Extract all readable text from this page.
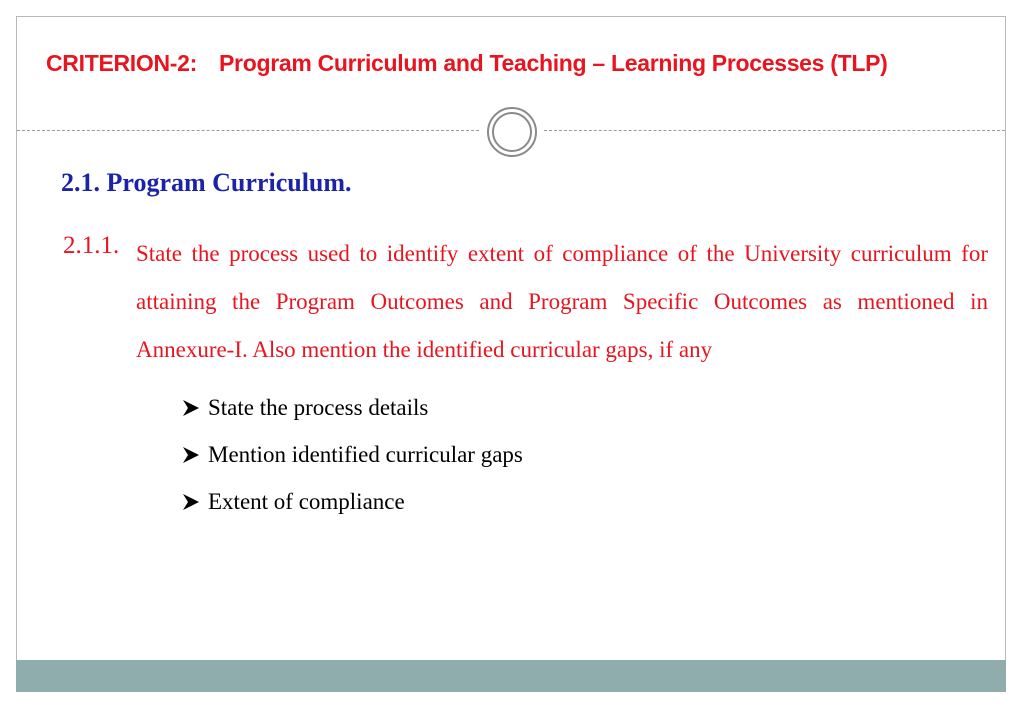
CRITERION-2: Program Curriculum and Teaching – Learning Processes (TLP)
2.1. Program Curriculum.
2.1.1. State the process used to identify extent of compliance of the University curriculum for attaining the Program Outcomes and Program Specific Outcomes as mentioned in Annexure-I. Also mention the identified curricular gaps, if any

State the process details
Mention identified curricular gaps
Extent of compliance
